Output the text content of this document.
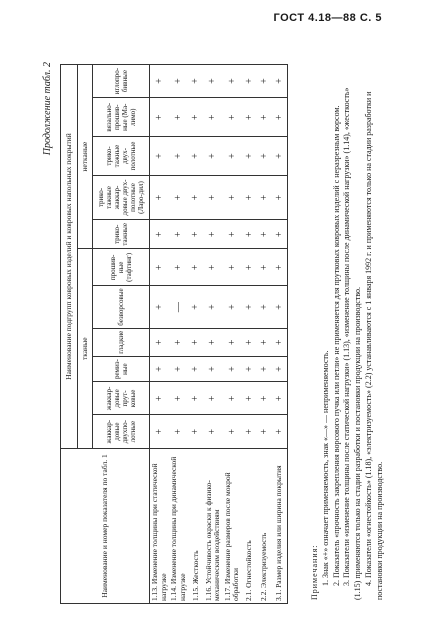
ГОСТ 4.18—88 С. 5
Продолжение табл. 2
Наименование и номер показателя по табл. 1	Наименование подгрупп ковровых изделий и ковровых напольных покрытий										
	тканые						нетканые				
	жаккар-довые двухпо-лотные	жаккар-довые прут-ковые	ремиз-ные	гладкие	безворсовые	прошив-ные (тафтинг)	трико-тажные	трико-тажные жаккар-довые двух-полотные (Ларо-дил)	трико-тажные двух-полотные	вязально-прошив-ные (Ма-лимо)	иглопро-бивные
1.13. Изменение толщины при статической нагрузке	+	+	+	+	+	+	+	+	+	+	+
1.14. Изменение толщины при динамической нагрузке	+	+	+	+	—	+	+	+	+	+	+
1.15. Жесткость	+	+	+	+	+	+	+	+	+	+	+
1.16. Устойчивость окраски к физико-механическим воздействиям	+	+	+	+	+	+	+	+	+	+	+
1.17. Изменение размеров после мокрой обработки	+	+	+	+	+	+	+	+	+	+	+
2.1. Огнестойкость	+	+	+	+	+	+	+	+	+	+	+
2.2. Электризуемость	+	+	+	+	+	+	+	+	+	+	+
3.1. Размер изделия или ширина покрытия	+	+	+	+	+	+	+	+	+	+	+

Примечания: 1. Знак «+» означает применяемость, знак «—» — неприменяемость. 2. Показатель «прочность закрепления ворсового пучка или петли» не применяется для прутковых ковровых изделий с неразрезным ворсом. 3. Показатели «изменение толщины после статической нагрузки» (1.13), «изменение толщины после динамической нагрузки» (1.14), «жесткость» (1.15) применяются только на стадии разработки и постановки продукции на производство. 4. Показатели «огнестойкость» (1.18), «электризуемость» (2.2) устанавливаются с 1 января 1992 г. и применяются только на стадии разработки и постановки продукции на производство.
